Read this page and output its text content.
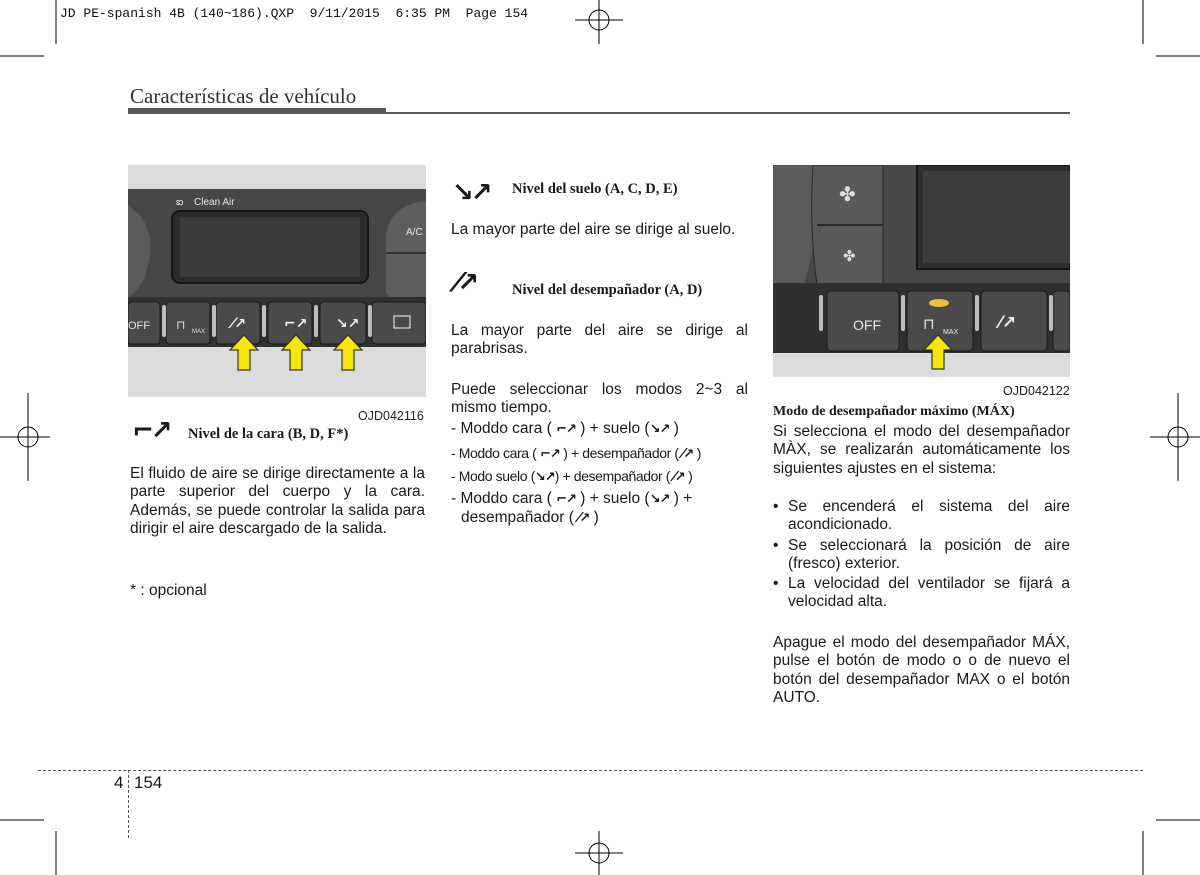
JD PE-spanish 4B (140~186).QXP  9/11/2015  6:35 PM  Page 154
Características de vehículo
OFF	MAX
⊓	⁄↗	⌐↗ ↘↗
Clean Air
ఐ
A/C
OJD042116
✤
✤
OFF	MAX
⊓	⁄↗
OJD042122
⌐↗ Nivel de la cara (B, D, F*)
El fluido de aire se dirige directamente a la parte superior del cuerpo y la cara. Además, se puede controlar la salida para dirigir el aire descargado de la salida.
* : opcional
↘↗ Nivel del suelo (A, C, D, E)
La mayor parte del aire se dirige al suelo.
⁄↗ Nivel del desempañador (A, D)
La mayor parte del aire se dirige al parabrisas.
Puede seleccionar los modos 2~3 al mismo tiempo.
- Moddo cara ( ⌐↗ ) + suelo (↘↗ )
- Moddo cara ( ⌐↗ ) + desempañador ( ⁄↗ )
- Modo suelo (↘↗) + desempañador ( ⁄↗ )
- Moddo cara ( ⌐↗ ) + suelo (↘↗ ) +
desempañador ( ⁄↗ )
Modo de desempañador máximo (MÁX)
Si selecciona el modo del desempañador MÀX, se realizarán automáticamente los siguientes ajustes en el sistema:
• Se encenderá el sistema del aire acondicionado.
• Se seleccionará la posición de aire (fresco) exterior.
• La velocidad del ventilador se fijará a velocidad alta.
Apague el modo del desempañador MÁX, pulse el botón de modo o o de nuevo el botón del desempañador MAX o el botón AUTO.
4 154
